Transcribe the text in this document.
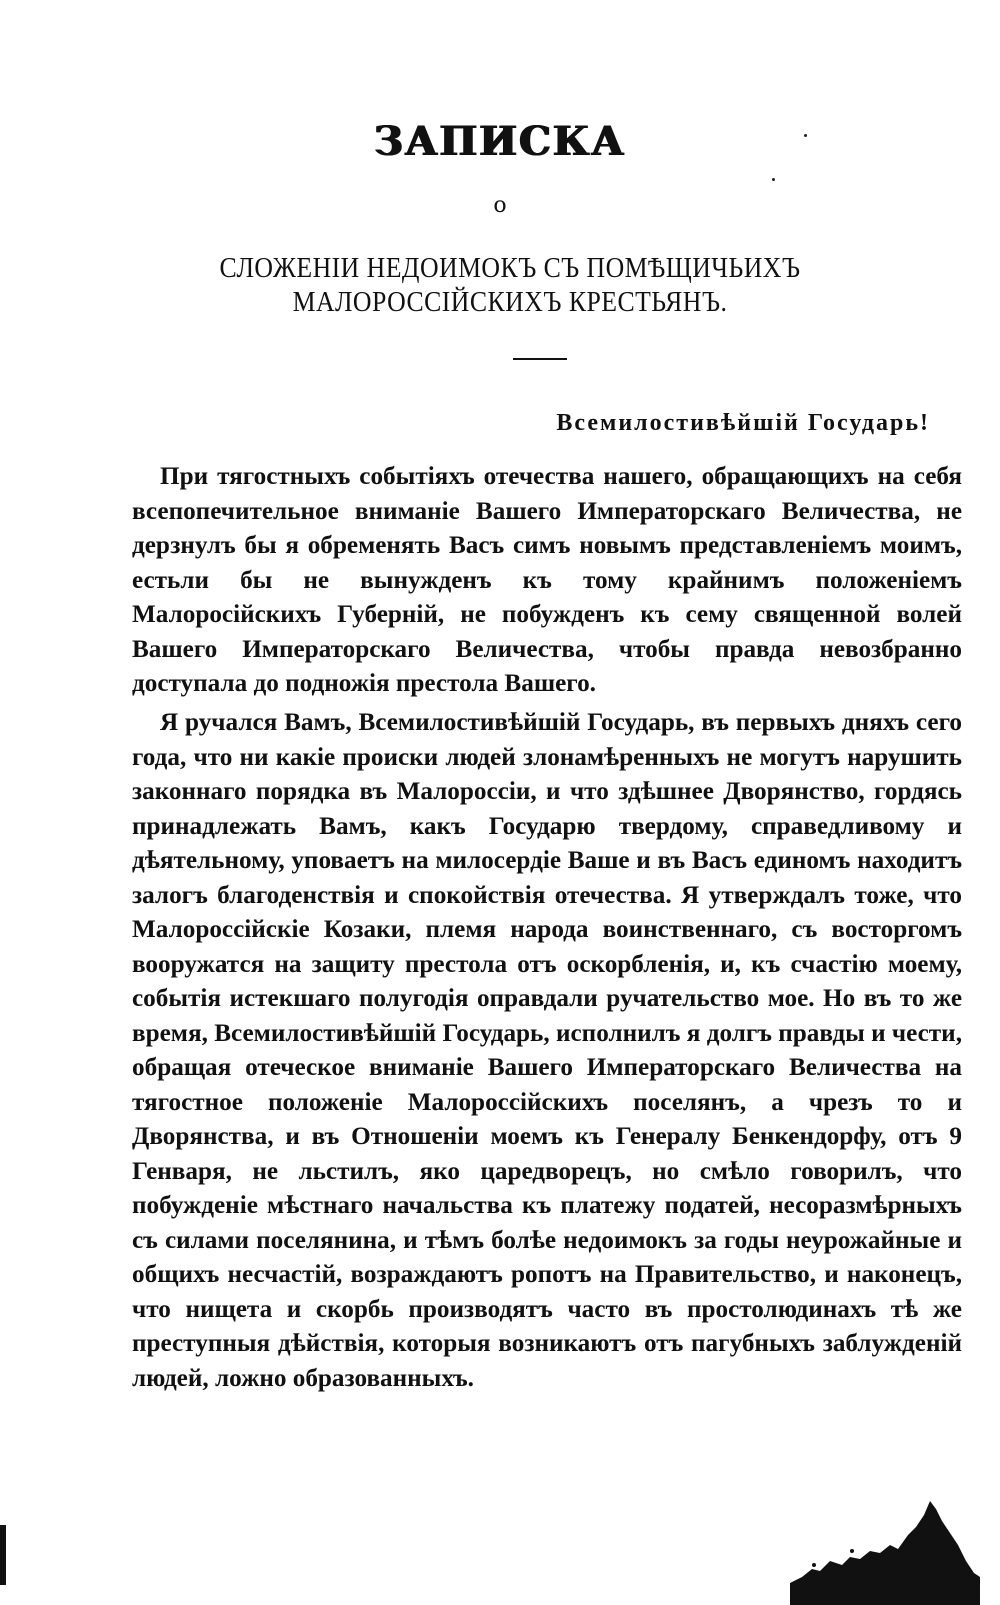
ЗАПИСКА
о
СЛОЖЕНІИ НЕДОИМОКЪ СЪ ПОМѢЩИЧЬИХЪ МАЛОРОССІЙСКИХЪ КРЕСТЬЯНЪ.
Всемилостивѣйшій Государь!

При тягостныхъ событіяхъ отечества нашего, обращающихъ на себя всепопечительное вниманіе Вашего Императорскаго Величества, не дерзнулъ бы я обременять Васъ симъ новымъ представленіемъ моимъ, естьли бы не вынужденъ къ тому крайнимъ положеніемъ Малоросійскихъ Губерній, не побужденъ къ сему священной волей Вашего Императорскаго Величества, чтобы правда невозбранно доступала до подножія престола Вашего.

Я ручался Вамъ, Всемилостивѣйшій Государь, въ первыхъ дняхъ сего года, что ни какіе происки людей злонамѣренныхъ не могутъ нарушить законнаго порядка въ Малороссіи, и что здѣшнее Дворянство, гордясь принадлежать Вамъ, какъ Государю твердому, справедливому и дѣятельному, уповаетъ на милосердіе Ваше и въ Васъ единомъ находитъ залогъ благоденствія и спокойствія отечества. Я утверждалъ тоже, что Малороссійскіе Козаки, племя народа воинственнаго, съ восторгомъ вооружатся на защиту престола отъ оскорбленія, и, къ счастію моему, событія истекшаго полугодія оправдали ручательство мое. Но въ то же время, Всемилостивѣйшій Государь, исполнилъ я долгъ правды и чести, обращая отеческое вниманіе Вашего Императорскаго Величества на тягостное положеніе Малороссійскихъ поселянъ, а чрезъ то и Дворянства, и въ Отношеніи моемъ къ Генералу Бенкендорфу, отъ 9 Генваря, не льстилъ, яко царедворецъ, но смѣло говорилъ, что побужденіе мѣстнаго начальства къ платежу податей, несоразмѣрныхъ съ силами поселянина, и тѣмъ болѣе недоимокъ за годы неурожайные и общихъ несчастій, возраждаютъ ропотъ на Правительство, и наконецъ, что нищета и скорбь производятъ часто въ простолюдинахъ тѣ же преступныя дѣйствія, которыя возникаютъ отъ пагубныхъ заблужденій людей, ложно образованныхъ.
